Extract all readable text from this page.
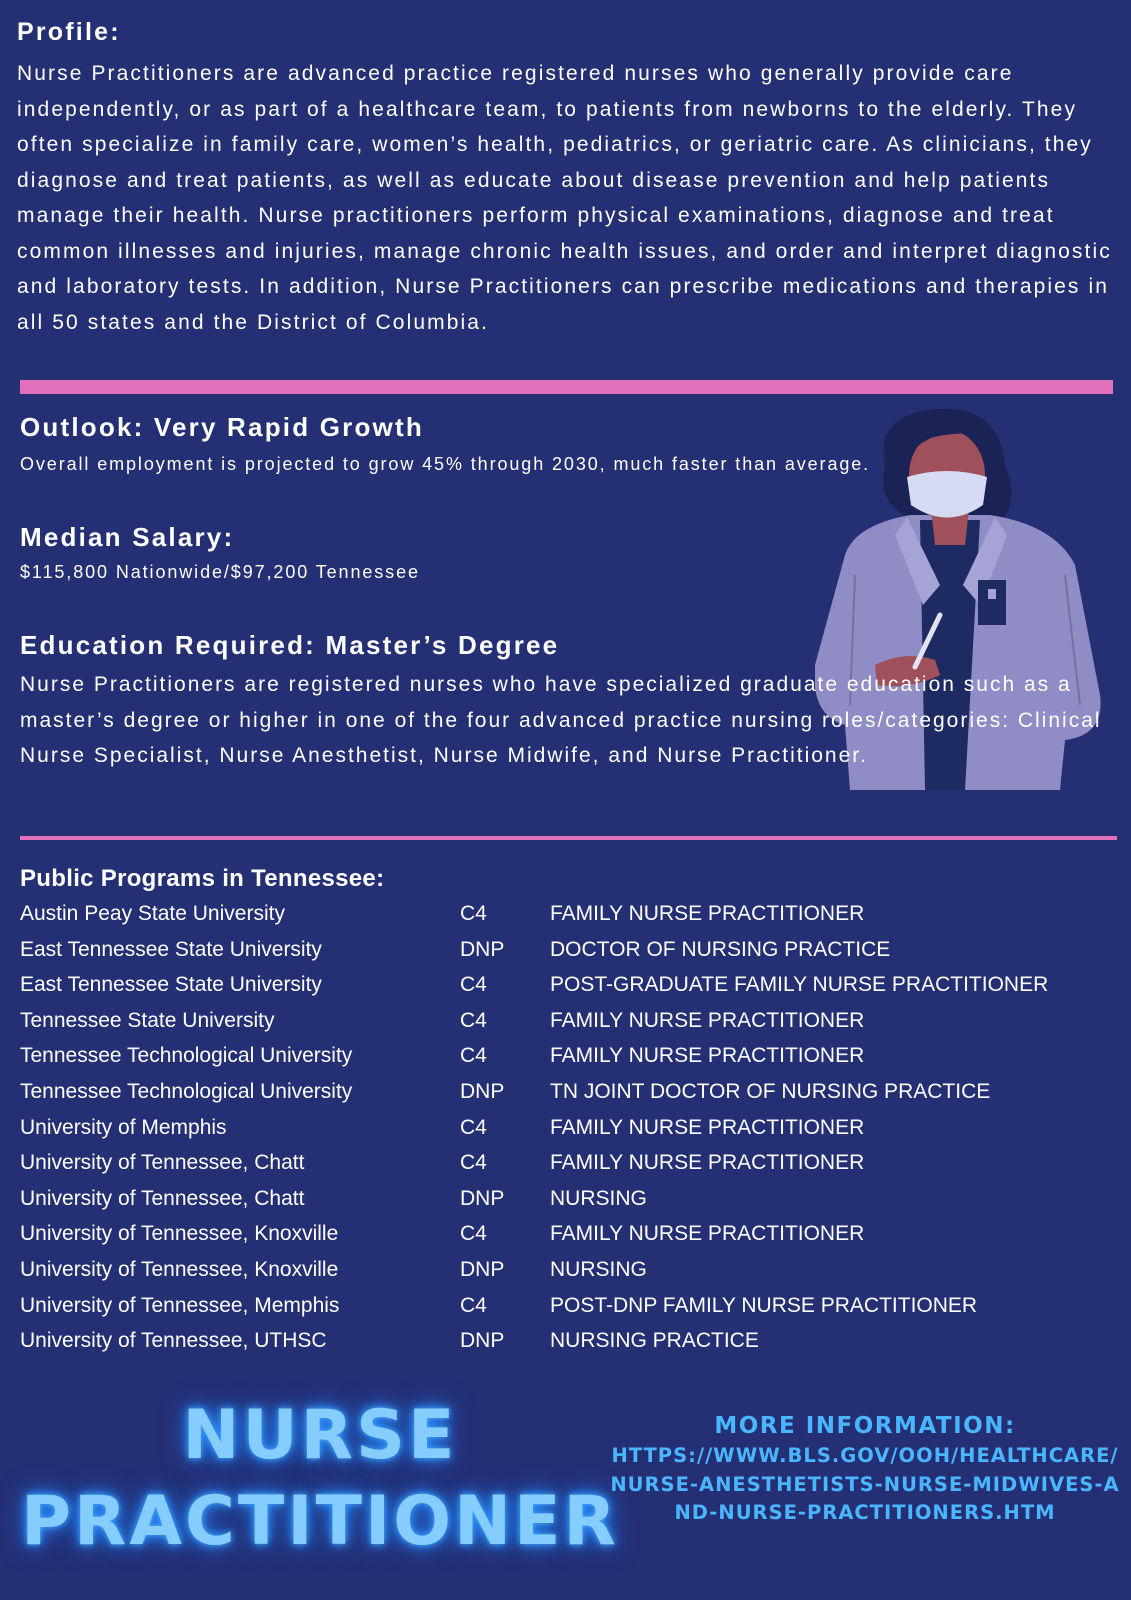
Profile:
Nurse Practitioners are advanced practice registered nurses who generally provide care independently, or as part of a healthcare team, to patients from newborns to the elderly. They often specialize in family care, women’s health, pediatrics, or geriatric care. As clinicians, they diagnose and treat patients, as well as educate about disease prevention and help patients manage their health. Nurse practitioners perform physical examinations, diagnose and treat common illnesses and injuries, manage chronic health issues, and order and interpret diagnostic and laboratory tests. In addition, Nurse Practitioners can prescribe medications and therapies in all 50 states and the District of Columbia.
Outlook: Very Rapid Growth
Overall employment is projected to grow 45% through 2030, much faster than average.
Median Salary:
$115,800 Nationwide/$97,200 Tennessee
Education Required: Master’s Degree
Nurse Practitioners are registered nurses who have specialized graduate education such as a master’s degree or higher in one of the four advanced practice nursing roles/categories: Clinical Nurse Specialist, Nurse Anesthetist, Nurse Midwife, and Nurse Practitioner.
Public Programs in Tennessee:
Austin Peay State University	C4	FAMILY NURSE PRACTITIONER
East Tennessee State University	DNP DOCTOR OF NURSING PRACTICE
East Tennessee State University	C4	POST-GRADUATE FAMILY NURSE PRACTITIONER
Tennessee State University	C4	FAMILY NURSE PRACTITIONER
Tennessee Technological University	C4	FAMILY NURSE PRACTITIONER
Tennessee Technological University	DNP TN JOINT DOCTOR OF NURSING PRACTICE
University of Memphis	C4	FAMILY NURSE PRACTITIONER
University of Tennessee, Chatt	C4	FAMILY NURSE PRACTITIONER
University of Tennessee, Chatt	DNP NURSING
University of Tennessee, Knoxville	C4	FAMILY NURSE PRACTITIONER
University of Tennessee, Knoxville	DNP NURSING
University of Tennessee, Memphis	C4	POST-DNP FAMILY NURSE PRACTITIONER
University of Tennessee, UTHSC	DNP NURSING PRACTICE
NURSE
PRACTITIONER
MORE INFORMATION:
HTTPS://WWW.BLS.GOV/OOH/HEALTHCARE/NURSE-ANESTHETISTS-NURSE-MIDWIVES-AND-NURSE-PRACTITIONERS.HTM
